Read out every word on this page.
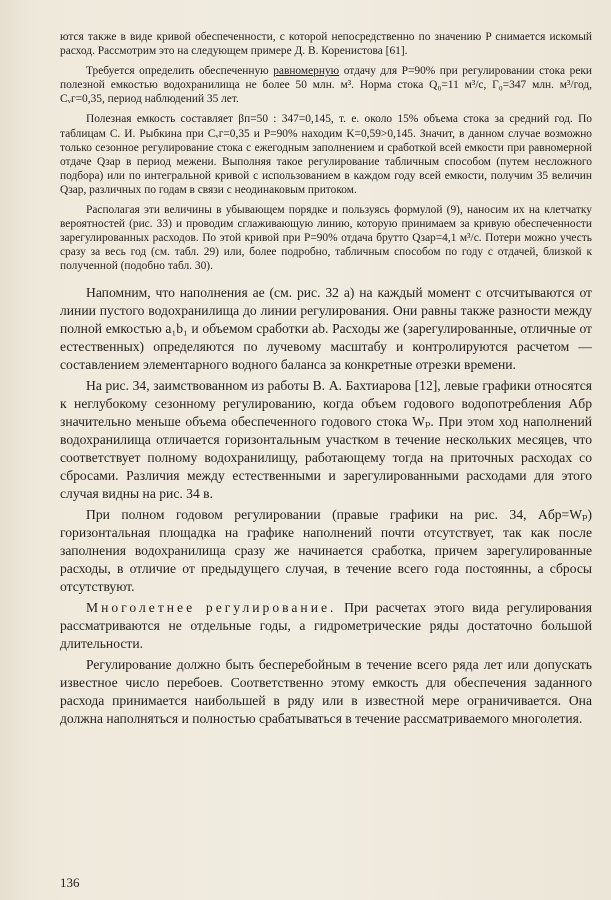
ются также в виде кривой обеспеченности, с которой непосредственно по значению P снимается искомый расход. Рассмотрим это на следующем примере Д. В. Коренистова [61].

Требуется определить обеспеченную равномерную отдачу для P=90% при регулировании стока реки полезной емкостью водохранилища не более 50 млн. м³. Норма стока Q₀=11 м³/с, Г₀=347 млн. м³/год, Cᵥг=0,35, период наблюдений 35 лет.

Полезная емкость составляет βп=50 : 347=0,145, т. е. около 15% объема стока за средний год. По таблицам С. И. Рыбкина при Cᵥг=0,35 и P=90% находим K=0,59>0,145. Значит, в данном случае возможно только сезонное регулирование стока с ежегодным заполнением и сработкой всей емкости при равномерной отдаче Qзар в период межени. Выполняя такое регулирование табличным способом (путем несложного подбора) или по интегральной кривой с использованием в каждом году всей емкости, получим 35 величин Qзар, различных по годам в связи с неодинаковым притоком.

Располагая эти величины в убывающем порядке и пользуясь формулой (9), наносим их на клетчатку вероятностей (рис. 33) и проводим сглаживающую линию, которую принимаем за кривую обеспеченности зарегулированных расходов. По этой кривой при P=90% отдача брутто Qзар=4,1 м³/с. Потери можно учесть сразу за весь год (см. табл. 29) или, более подробно, табличным способом по году с отдачей, близкой к полученной (подобно табл. 30).

Напомним, что наполнения ae (см. рис. 32 a) на каждый момент c отсчитываются от линии пустого водохранилища до линии регулирования. Они равны также разности между полной емкостью a₁b₁ и объемом сработки ab. Расходы же (зарегулированные, отличные от естественных) определяются по лучевому масштабу и контролируются расчетом — составлением элементарного водного баланса за конкретные отрезки времени.

На рис. 34, заимствованном из работы В. А. Бахтиарова [12], левые графики относятся к неглубокому сезонному регулированию, когда объем годового водопотребления Aбр значительно меньше объема обеспеченного годового стока Wₚ. При этом ход наполнений водохранилища отличается горизонтальным участком в течение нескольких месяцев, что соответствует полному водохранилищу, работающему тогда на приточных расходах со сбросами. Различия между естественными и зарегулированными расходами для этого случая видны на рис. 34 в.

При полном годовом регулировании (правые графики на рис. 34, Aбр=Wₚ) горизонтальная площадка на графике наполнений почти отсутствует, так как после заполнения водохранилища сразу же начинается сработка, причем зарегулированные расходы, в отличие от предыдущего случая, в течение всего года постоянны, а сбросы отсутствуют.

Многолетнее регулирование. При расчетах этого вида регулирования рассматриваются не отдельные годы, а гидрометрические ряды достаточно большой длительности.

Регулирование должно быть бесперебойным в течение всего ряда лет или допускать известное число перебоев. Соответственно этому емкость для обеспечения заданного расхода принимается наибольшей в ряду или в известной мере ограничивается. Она должна наполняться и полностью срабатываться в течение рассматриваемого многолетия.

136
